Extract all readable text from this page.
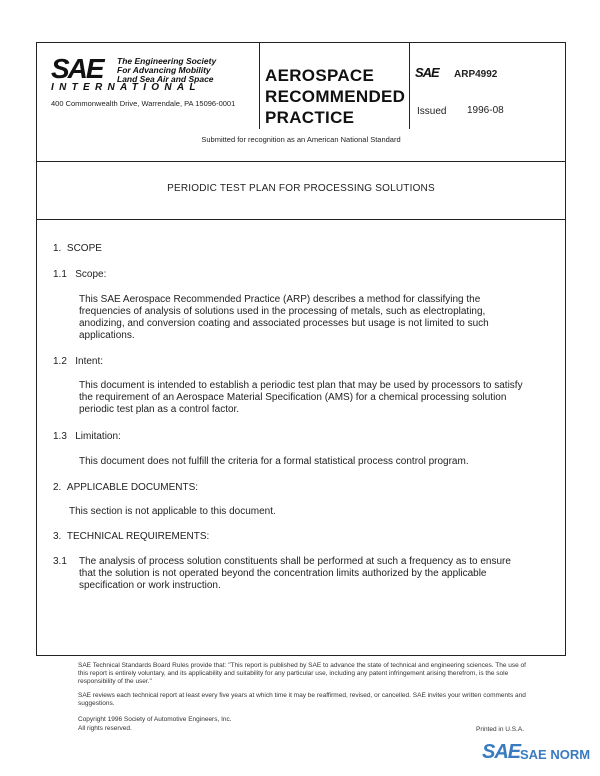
SAE The Engineering Society
For Advancing Mobility
Land Sea Air and Space
INTERNATIONAL
400 Commonwealth Drive, Warrendale, PA 15096-0001
AEROSPACE
RECOMMENDED
PRACTICE
SAE ARP4992
Issued 1996-08
Submitted for recognition as an American National Standard
PERIODIC TEST PLAN FOR PROCESSING SOLUTIONS
1. SCOPE
1.1 Scope:
This SAE Aerospace Recommended Practice (ARP) describes a method for classifying the frequencies of analysis of solutions used in the processing of metals, such as electroplating, anodizing, and conversion coating and associated processes but usage is not limited to such applications.
1.2 Intent:
This document is intended to establish a periodic test plan that may be used by processors to satisfy the requirement of an Aerospace Material Specification (AMS) for a chemical processing solution periodic test plan as a control factor.
1.3 Limitation:
This document does not fulfill the criteria for a formal statistical process control program.
2. APPLICABLE DOCUMENTS:
This section is not applicable to this document.
3. TECHNICAL REQUIREMENTS:
3.1 The analysis of process solution constituents shall be performed at such a frequency as to ensure that the solution is not operated beyond the concentration limits authorized by the applicable specification or work instruction.
SAE Technical Standards Board Rules provide that: "This report is published by SAE to advance the state of technical and engineering sciences. The use of this report is entirely voluntary, and its applicability and suitability for any particular use, including any patent infringement arising therefrom, is the sole responsibility of the user."
SAE reviews each technical report at least every five years at which time it may be reaffirmed, revised, or cancelled. SAE invites your written comments and suggestions.
Copyright 1996 Society of Automotive Engineers, Inc.
All rights reserved.	Printed in U.S.A.
SAE SAE NORM
